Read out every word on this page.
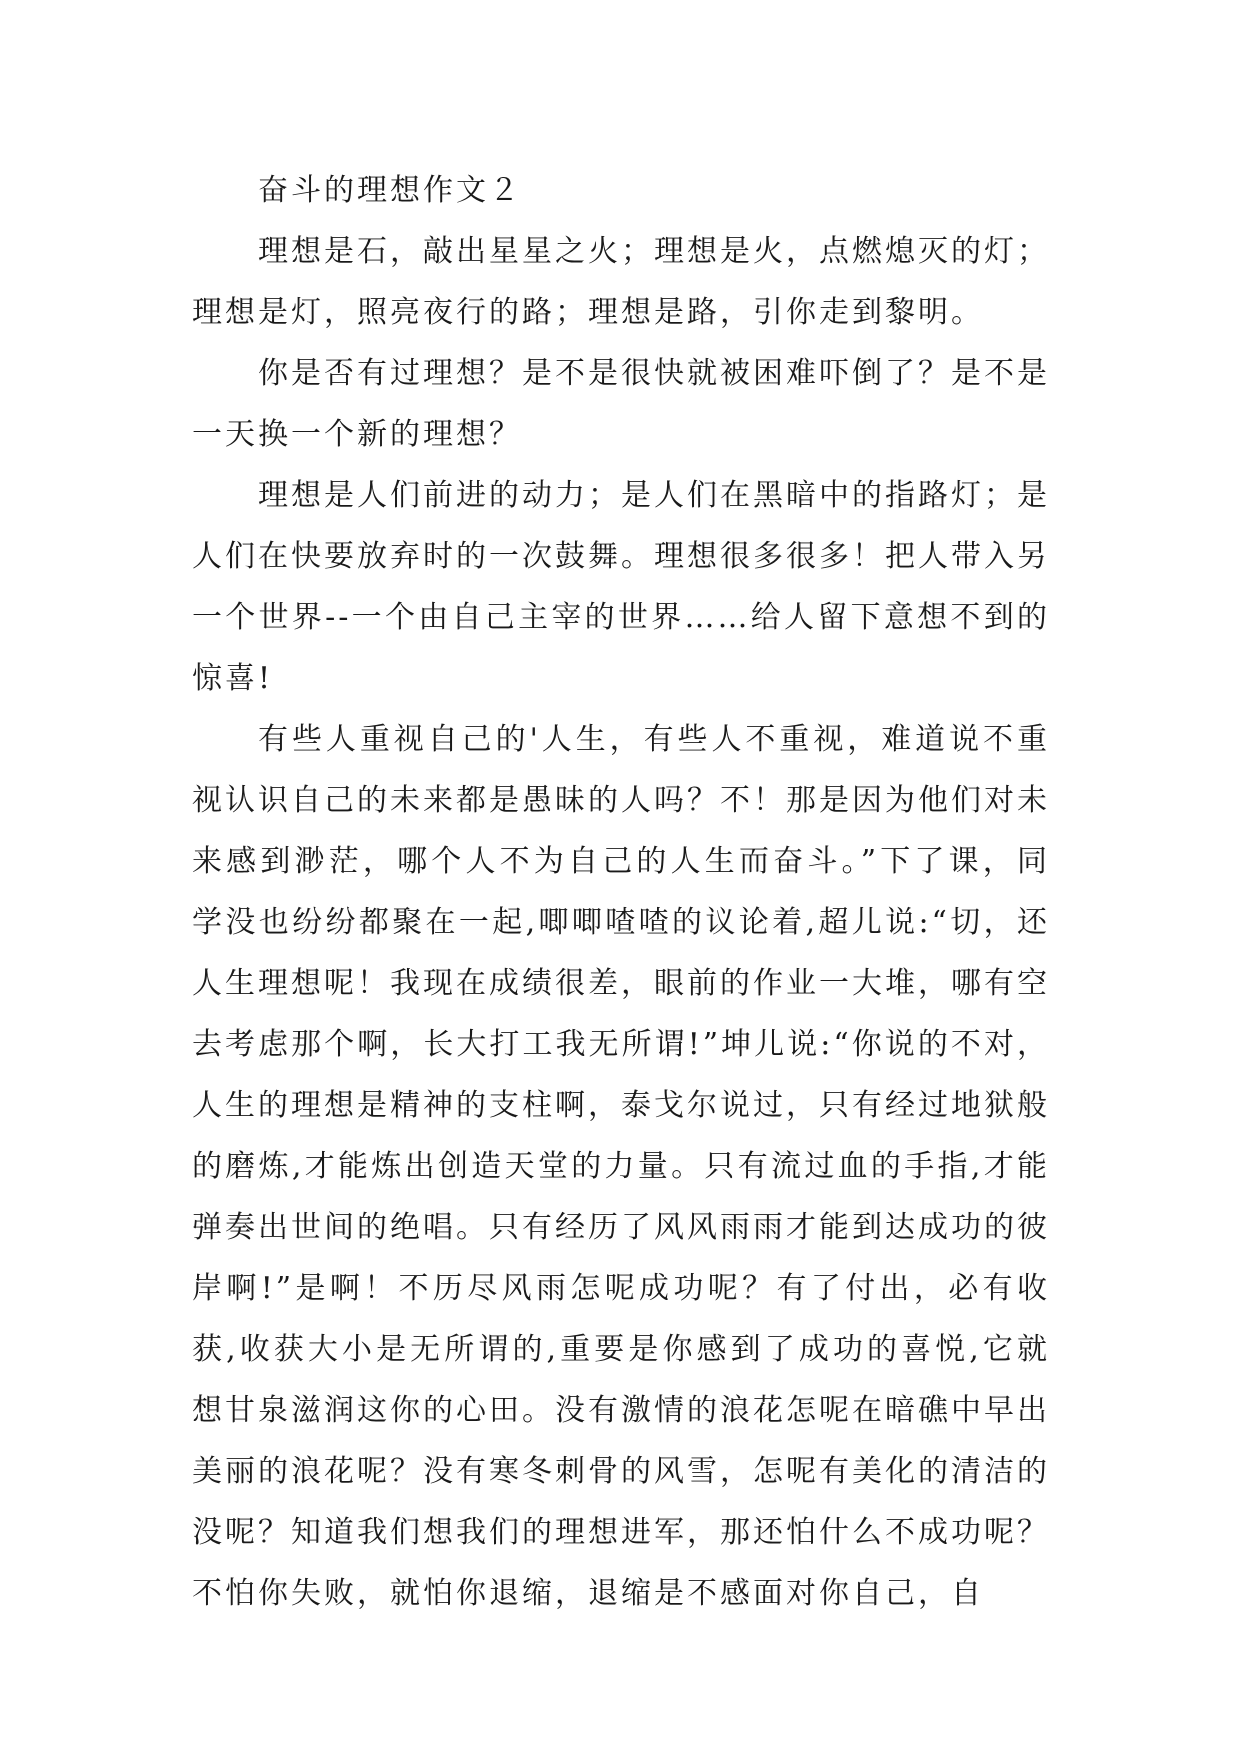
奋斗的理想作文２

理想是石，敲出星星之火；理想是火，点燃熄灭的灯；理想是灯，照亮夜行的路；理想是路，引你走到黎明。

你是否有过理想？是不是很快就被困难吓倒了？是不是一天换一个新的理想？

理想是人们前进的动力；是人们在黑暗中的指路灯；是人们在快要放弃时的一次鼓舞。理想很多很多！把人带入另一个世界--一个由自己主宰的世界……给人留下意想不到的惊喜!

有些人重视自己的'人生，有些人不重视，难道说不重视认识自己的未来都是愚昧的人吗？不！那是因为他们对未来感到渺茫，哪个人不为自己的人生而奋斗。”下了课，同学没也纷纷都聚在一起,唧唧喳喳的议论着,超儿说:“切，还人生理想呢！我现在成绩很差，眼前的作业一大堆，哪有空去考虑那个啊，长大打工我无所谓!”坤儿说:“你说的不对，人生的理想是精神的支柱啊，泰戈尔说过，只有经过地狱般的磨炼,才能炼出创造天堂的力量。只有流过血的手指,才能弹奏出世间的绝唱。只有经历了风风雨雨才能到达成功的彼岸啊!”是啊！不历尽风雨怎呢成功呢？有了付出，必有收获,收获大小是无所谓的,重要是你感到了成功的喜悦,它就想甘泉滋润这你的心田。没有激情的浪花怎呢在暗礁中早出美丽的浪花呢？没有寒冬刺骨的风雪，怎呢有美化的清洁的没呢？知道我们想我们的理想进军，那还怕什么不成功呢？不怕你失败，就怕你退缩，退缩是不感面对你自己，自
